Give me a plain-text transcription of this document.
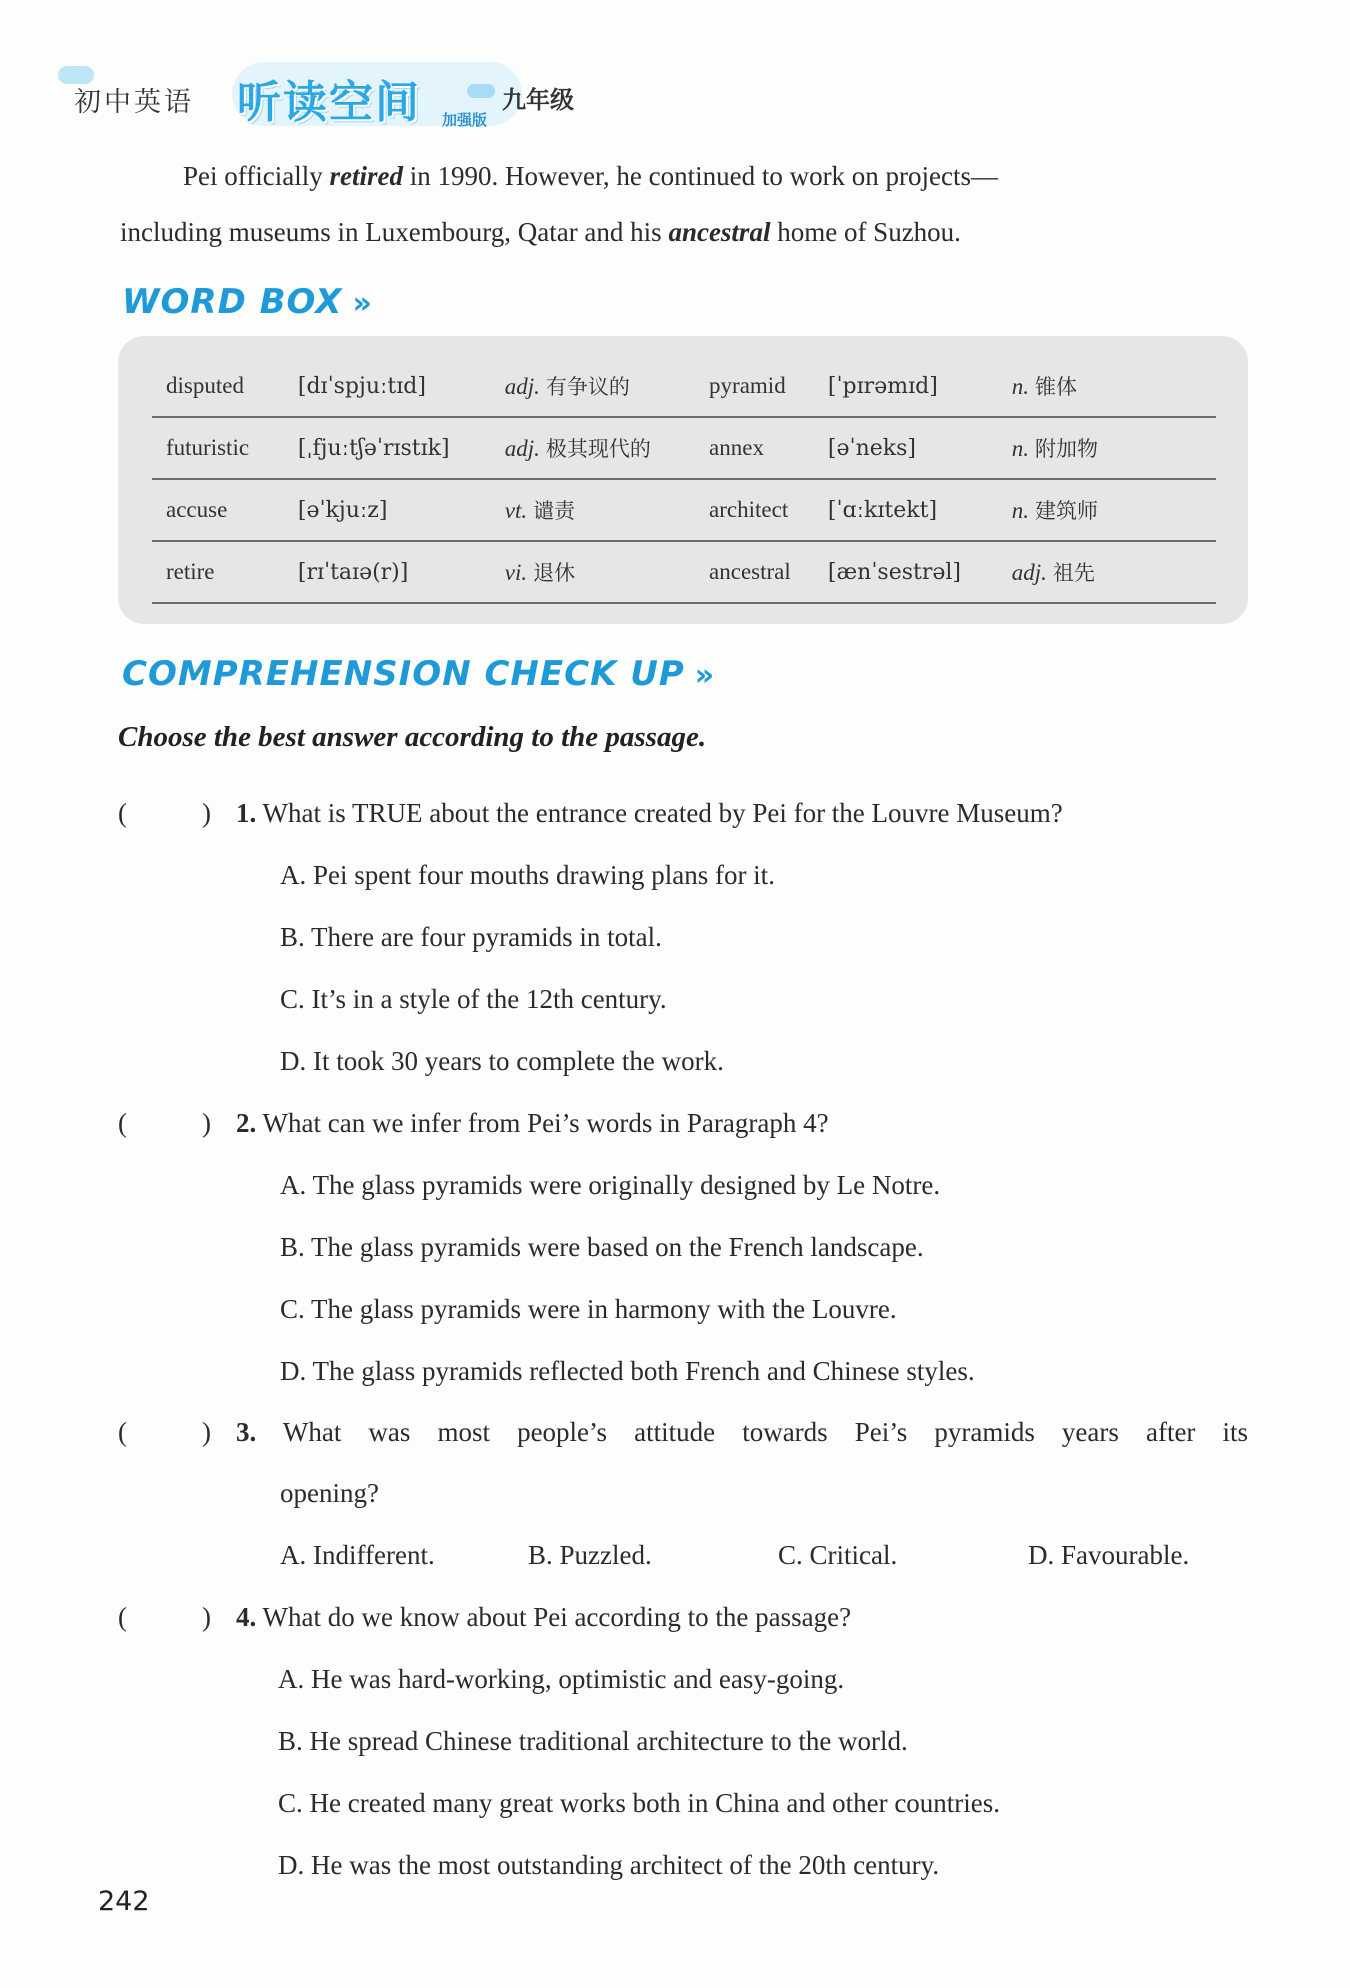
初中英语 听读空间 加强版
九年级
Pei officially retired in 1990. However, he continued to work on projects—
including museums in Luxembourg, Qatar and his ancestral home of Suzhou.
WORD BOX »
disputed	[dɪˈspjuːtɪd]	adj. 有争议的	pyramid	[ˈpɪrəmɪd]	n. 锥体
futuristic	[ˌfjuːtʃəˈrɪstɪk]	adj. 极其现代的	annex	[əˈneks]	n. 附加物
accuse	[əˈkjuːz]	vt. 谴责	architect	[ˈɑːkɪtekt]	n. 建筑师
retire	[rɪˈtaɪə(r)]	vi. 退休	ancestral	[ænˈsestrəl]	adj. 祖先
COMPREHENSION CHECK UP »
Choose the best answer according to the passage.
(	) 1. What is TRUE about the entrance created by Pei for the Louvre Museum?
A. Pei spent four mouths drawing plans for it.
B. There are four pyramids in total.
C. It’s in a style of the 12th century.
D. It took 30 years to complete the work.
(	) 2. What can we infer from Pei’s words in Paragraph 4?
A. The glass pyramids were originally designed by Le Notre.
B. The glass pyramids were based on the French landscape.
C. The glass pyramids were in harmony with the Louvre.
D. The glass pyramids reflected both French and Chinese styles.
(	) 3. What was most people’s attitude towards Pei’s pyramids years after its
opening?
A. Indifferent.	B. Puzzled.	C. Critical.	D. Favourable.
(	) 4. What do we know about Pei according to the passage?
A. He was hard-working, optimistic and easy-going.
B. He spread Chinese traditional architecture to the world.
C. He created many great works both in China and other countries.
D. He was the most outstanding architect of the 20th century.
242
